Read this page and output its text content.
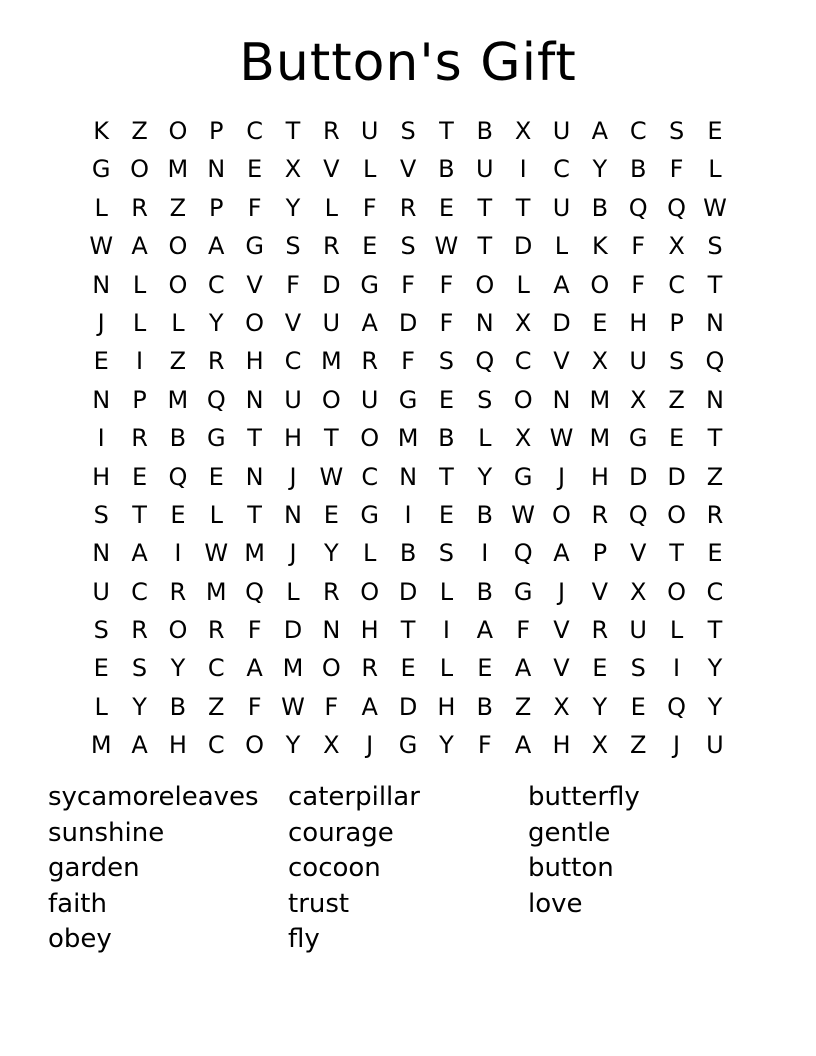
Button's Gift
K Z O P C T R U S T B X U A C S E
G O M N E X V L V B U	I	C Y B F	L
L R Z P	F	Y	L	F R E T T U B Q Q W
W A O A G S R E S W T D L K F X S
N L O C V F D G F	F O L A O F C T
J	L	L	Y O V U A D F N X D E H P N
E	I	Z R H C M R F S Q C V X U S Q
N P M Q N U O U G E S O N M X Z N
I	R B G T H T O M B L X W M G E T
H E Q E N	J W C N T Y G	J	H D D Z
S T E	L	T N E G	I	E B W O R Q O R
N A	I W M	J	Y	L B S	I	Q A P V T E
U C R M Q L R O D L B G	J	V X O C
S R O R F D N H T	I	A F V R U L	T
E S Y C A M O R E	L	E A V E S	I	Y
L	Y B Z F W F A D H B Z X Y E Q Y
M A H C O Y X	J	G Y	F A H X Z	J	U
sycamoreleaves
sunshine
garden
faith
obey
caterpillar
courage
cocoon
trust
fly
butterfly
gentle
button
love
